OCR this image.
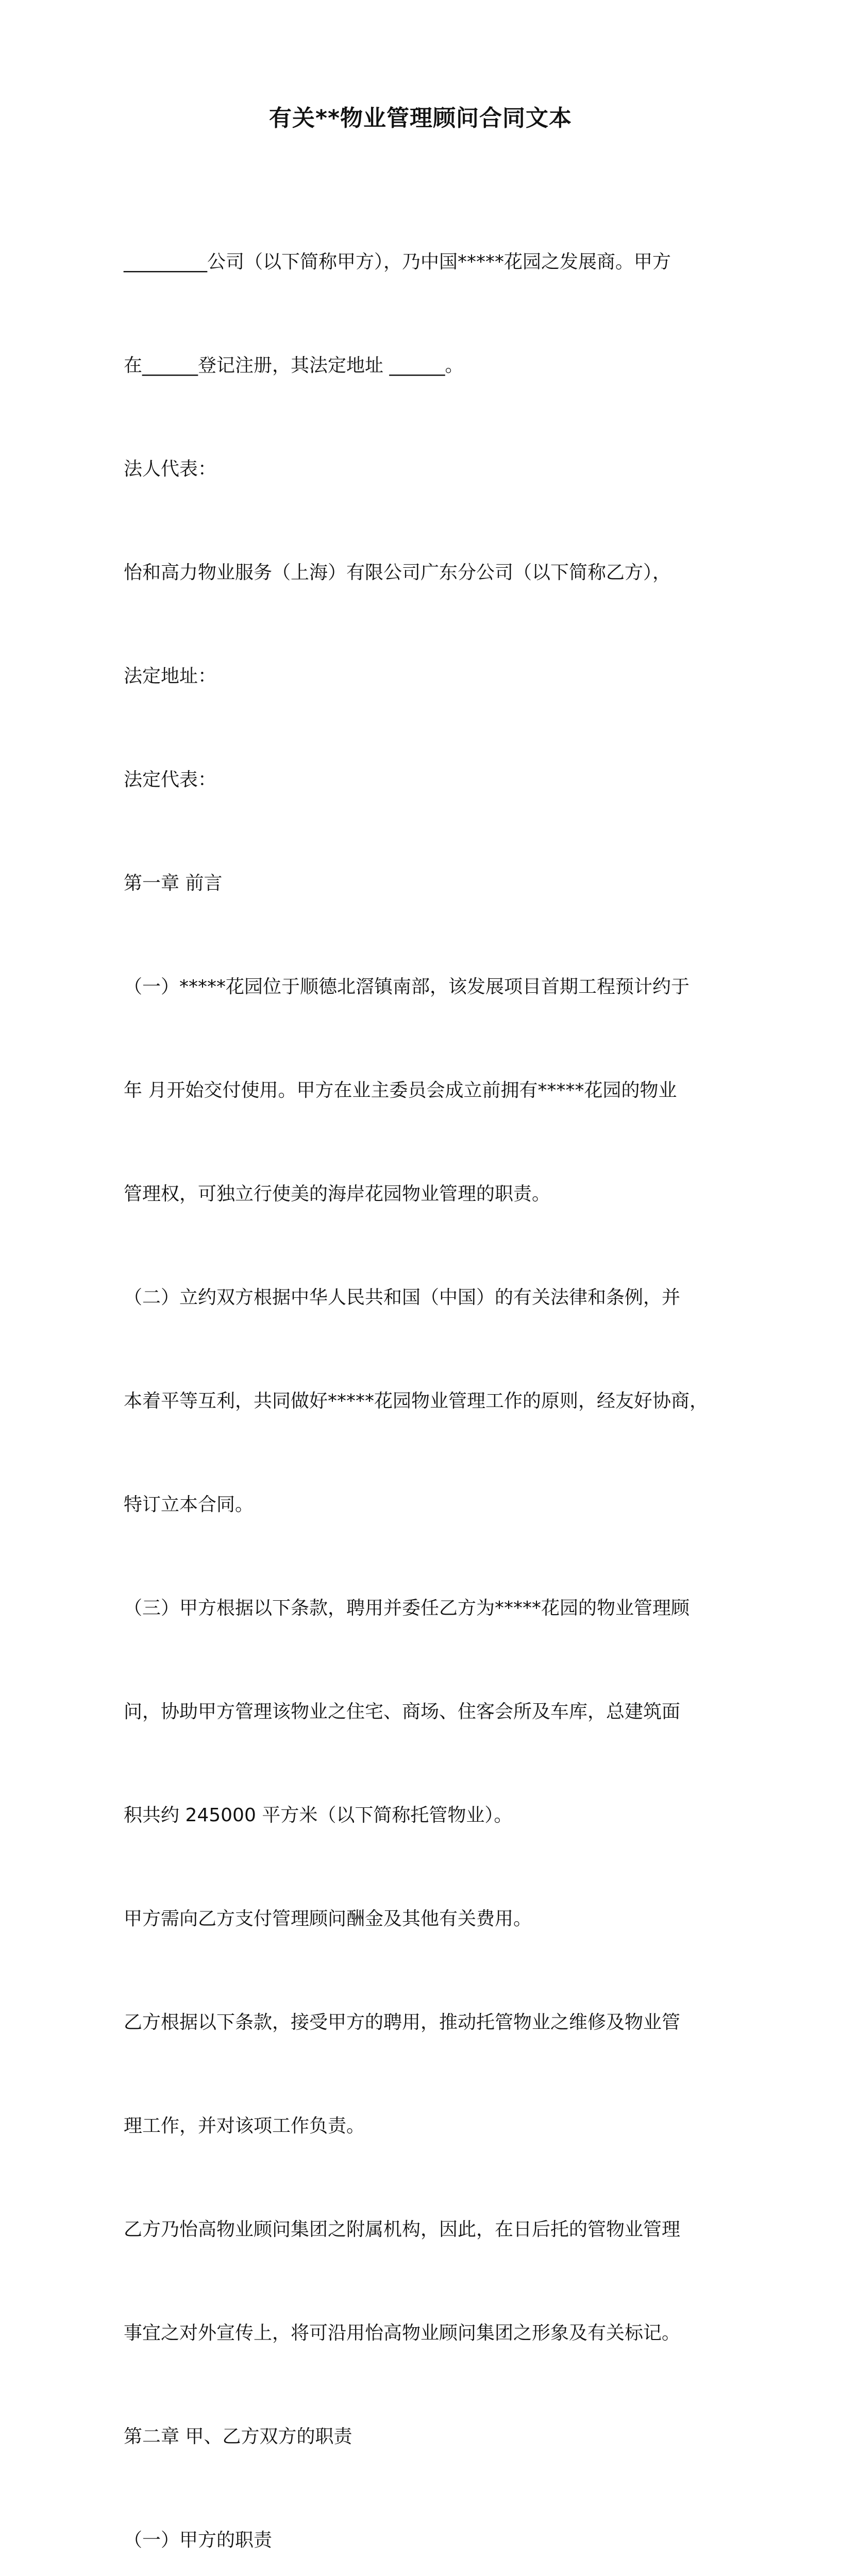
有关**物业管理顾问合同文本

_________公司（以下简称甲方），乃中国*****花园之发展商。甲方

在______登记注册，其法定地址 ______。

法人代表：

怡和高力物业服务（上海）有限公司广东分公司（以下简称乙方），

法定地址：

法定代表：

第一章 前言

（一）*****花园位于顺德北滘镇南部，该发展项目首期工程预计约于

年 月开始交付使用。甲方在业主委员会成立前拥有*****花园的物业

管理权，可独立行使美的海岸花园物业管理的职责。

（二）立约双方根据中华人民共和国（中国）的有关法律和条例，并

本着平等互利，共同做好*****花园物业管理工作的原则，经友好协商，

特订立本合同。

（三）甲方根据以下条款，聘用并委任乙方为*****花园的物业管理顾

问，协助甲方管理该物业之住宅、商场、住客会所及车库，总建筑面

积共约 245000 平方米（以下简称托管物业）。

甲方需向乙方支付管理顾问酬金及其他有关费用。

乙方根据以下条款，接受甲方的聘用，推动托管物业之维修及物业管

理工作，并对该项工作负责。

乙方乃怡高物业顾问集团之附属机构，因此，在日后托的管物业管理

事宜之对外宣传上，将可沿用怡高物业顾问集团之形象及有关标记。

第二章 甲、乙方双方的职责

（一）甲方的职责
